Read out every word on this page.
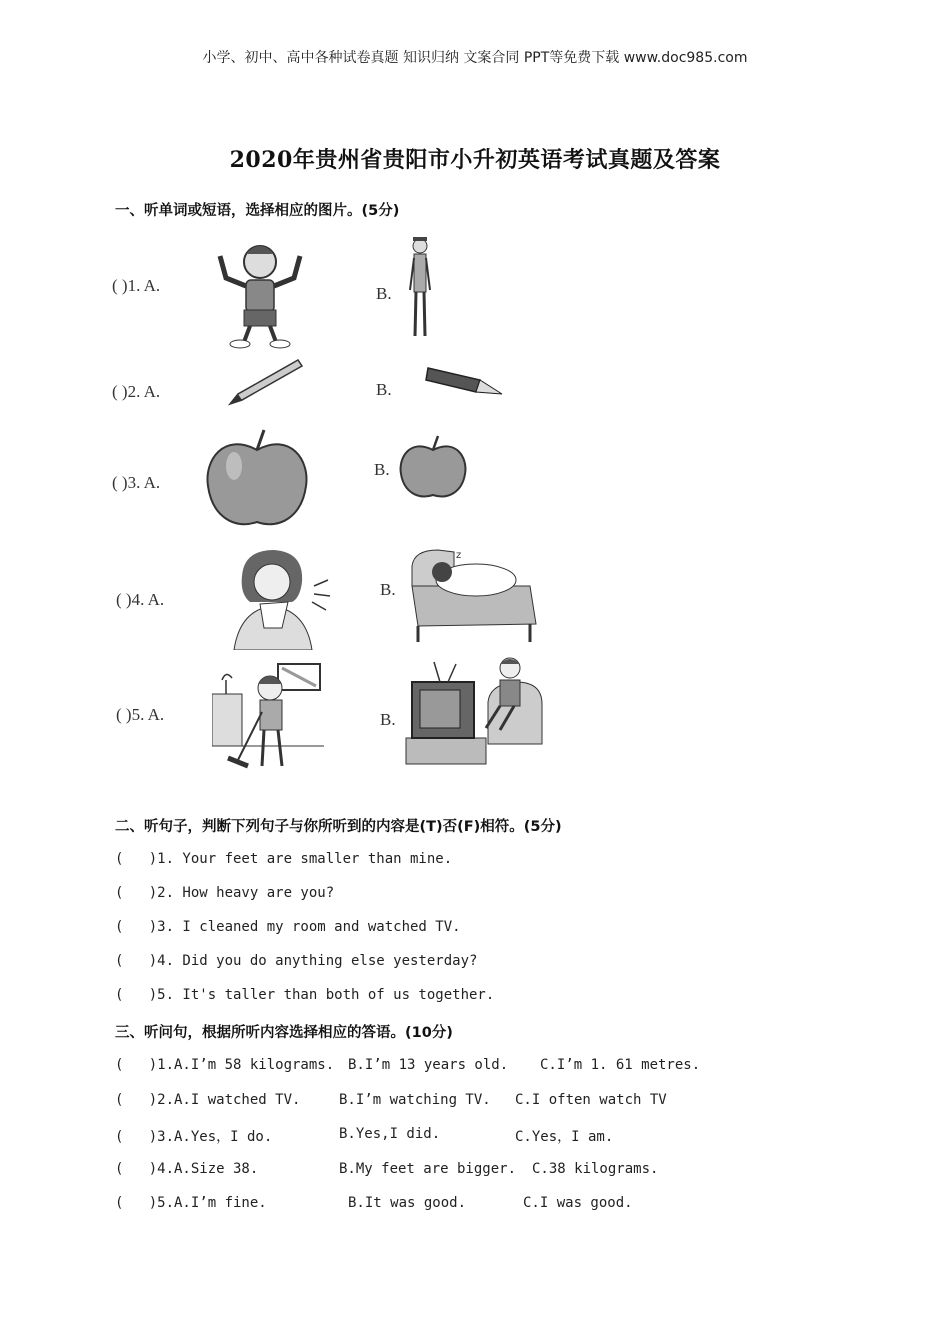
小学、初中、高中各种试卷真题 知识归纳 文案合同 PPT等免费下载 www.doc985.com
2020年贵州省贵阳市小升初英语考试真题及答案
一、听单词或短语，选择相应的图片。(5分)
( )1. A.	B.
( )2. A.	B.
( )3. A.
B.
( )4. A.
B.
z
( )5. A.	B.
二、听句子，判断下列句子与你所听到的内容是(T)否(F)相符。(5分)
(   )1. Your feet are smaller than mine.
(   )2. How heavy are you?
(   )3. I cleaned my room and watched TV.
(   )4. Did you do anything else yesterday?
(   )5. It's taller than both of us together.
三、听问句，根据所听内容选择相应的答语。(10分)
(   )1.A.I’m 58 kilograms. B.I’m 13 years old. C.I’m 1. 61 metres.
(   )2.A.I watched TV.	B.I’m watching TV. C.I often watch TV
(   )3.A.Yes，I do.	B.Yes,I did.	C.Yes，I am.
(   )4.A.Size 38.	B.My feet are bigger. C.38 kilograms.
(   )5.A.I’m fine.	B.It was good.	C.I was good.
